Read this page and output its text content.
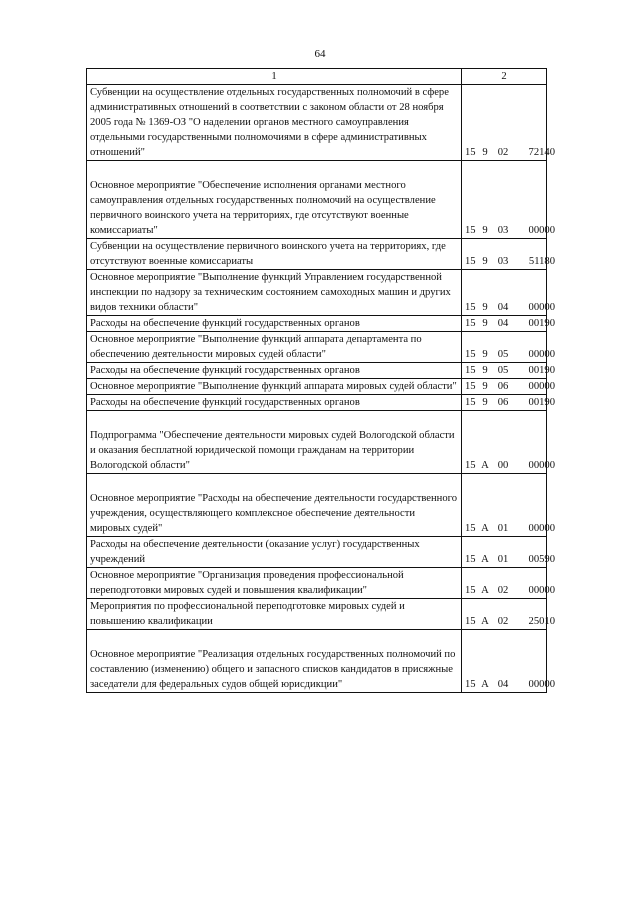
64
1	2
Субвенции на осуществление отдельных государственных полномочий в сфере административных отношений в соответствии с законом области от 28 ноября 2005 года № 1369-ОЗ "О наделении органов местного самоуправления отдельными государственными полномочиями в сфере административных отношений"	15 9 02 72140

Основное мероприятие "Обеспечение исполнения органами местного самоуправления отдельных государственных полномочий на осуществление первичного воинского учета на территориях, где отсутствуют военные комиссариаты"	15 9 03 00000
Субвенции на осуществление первичного воинского учета на территориях, где отсутствуют военные комиссариаты	15 9 03 51180
Основное мероприятие "Выполнение функций Управлением государственной инспекции по надзору за техническим состоянием самоходных машин и других видов техники области"	15 9 04 00000
Расходы на обеспечение функций государственных органов	15 9 04 00190
Основное мероприятие "Выполнение функций аппарата департамента по обеспечению деятельности мировых судей области"	15 9 05 00000
Расходы на обеспечение функций государственных органов	15 9 05 00190
Основное мероприятие "Выполнение функций аппарата мировых судей области"	15 9 06 00000
Расходы на обеспечение функций государственных органов	15 9 06 00190

Подпрограмма "Обеспечение деятельности мировых судей Вологодской области и оказания бесплатной юридической помощи гражданам на территории Вологодской области"	15 А 00 00000

Основное мероприятие "Расходы на обеспечение деятельности государственного учреждения, осуществляющего комплексное обеспечение деятельности мировых судей"	15 А 01 00000
Расходы на обеспечение деятельности (оказание услуг) государственных учреждений	15 А 01 00590
Основное мероприятие "Организация проведения профессиональной переподготовки мировых судей и повышения квалификации"	15 А 02 00000
Мероприятия по профессиональной переподготовке мировых судей и повышению квалификации	15 А 02 25010

Основное мероприятие "Реализация отдельных государственных полномочий по составлению (изменению) общего и запасного списков кандидатов в присяжные заседатели для федеральных судов общей юрисдикции"	15 А 04 00000
